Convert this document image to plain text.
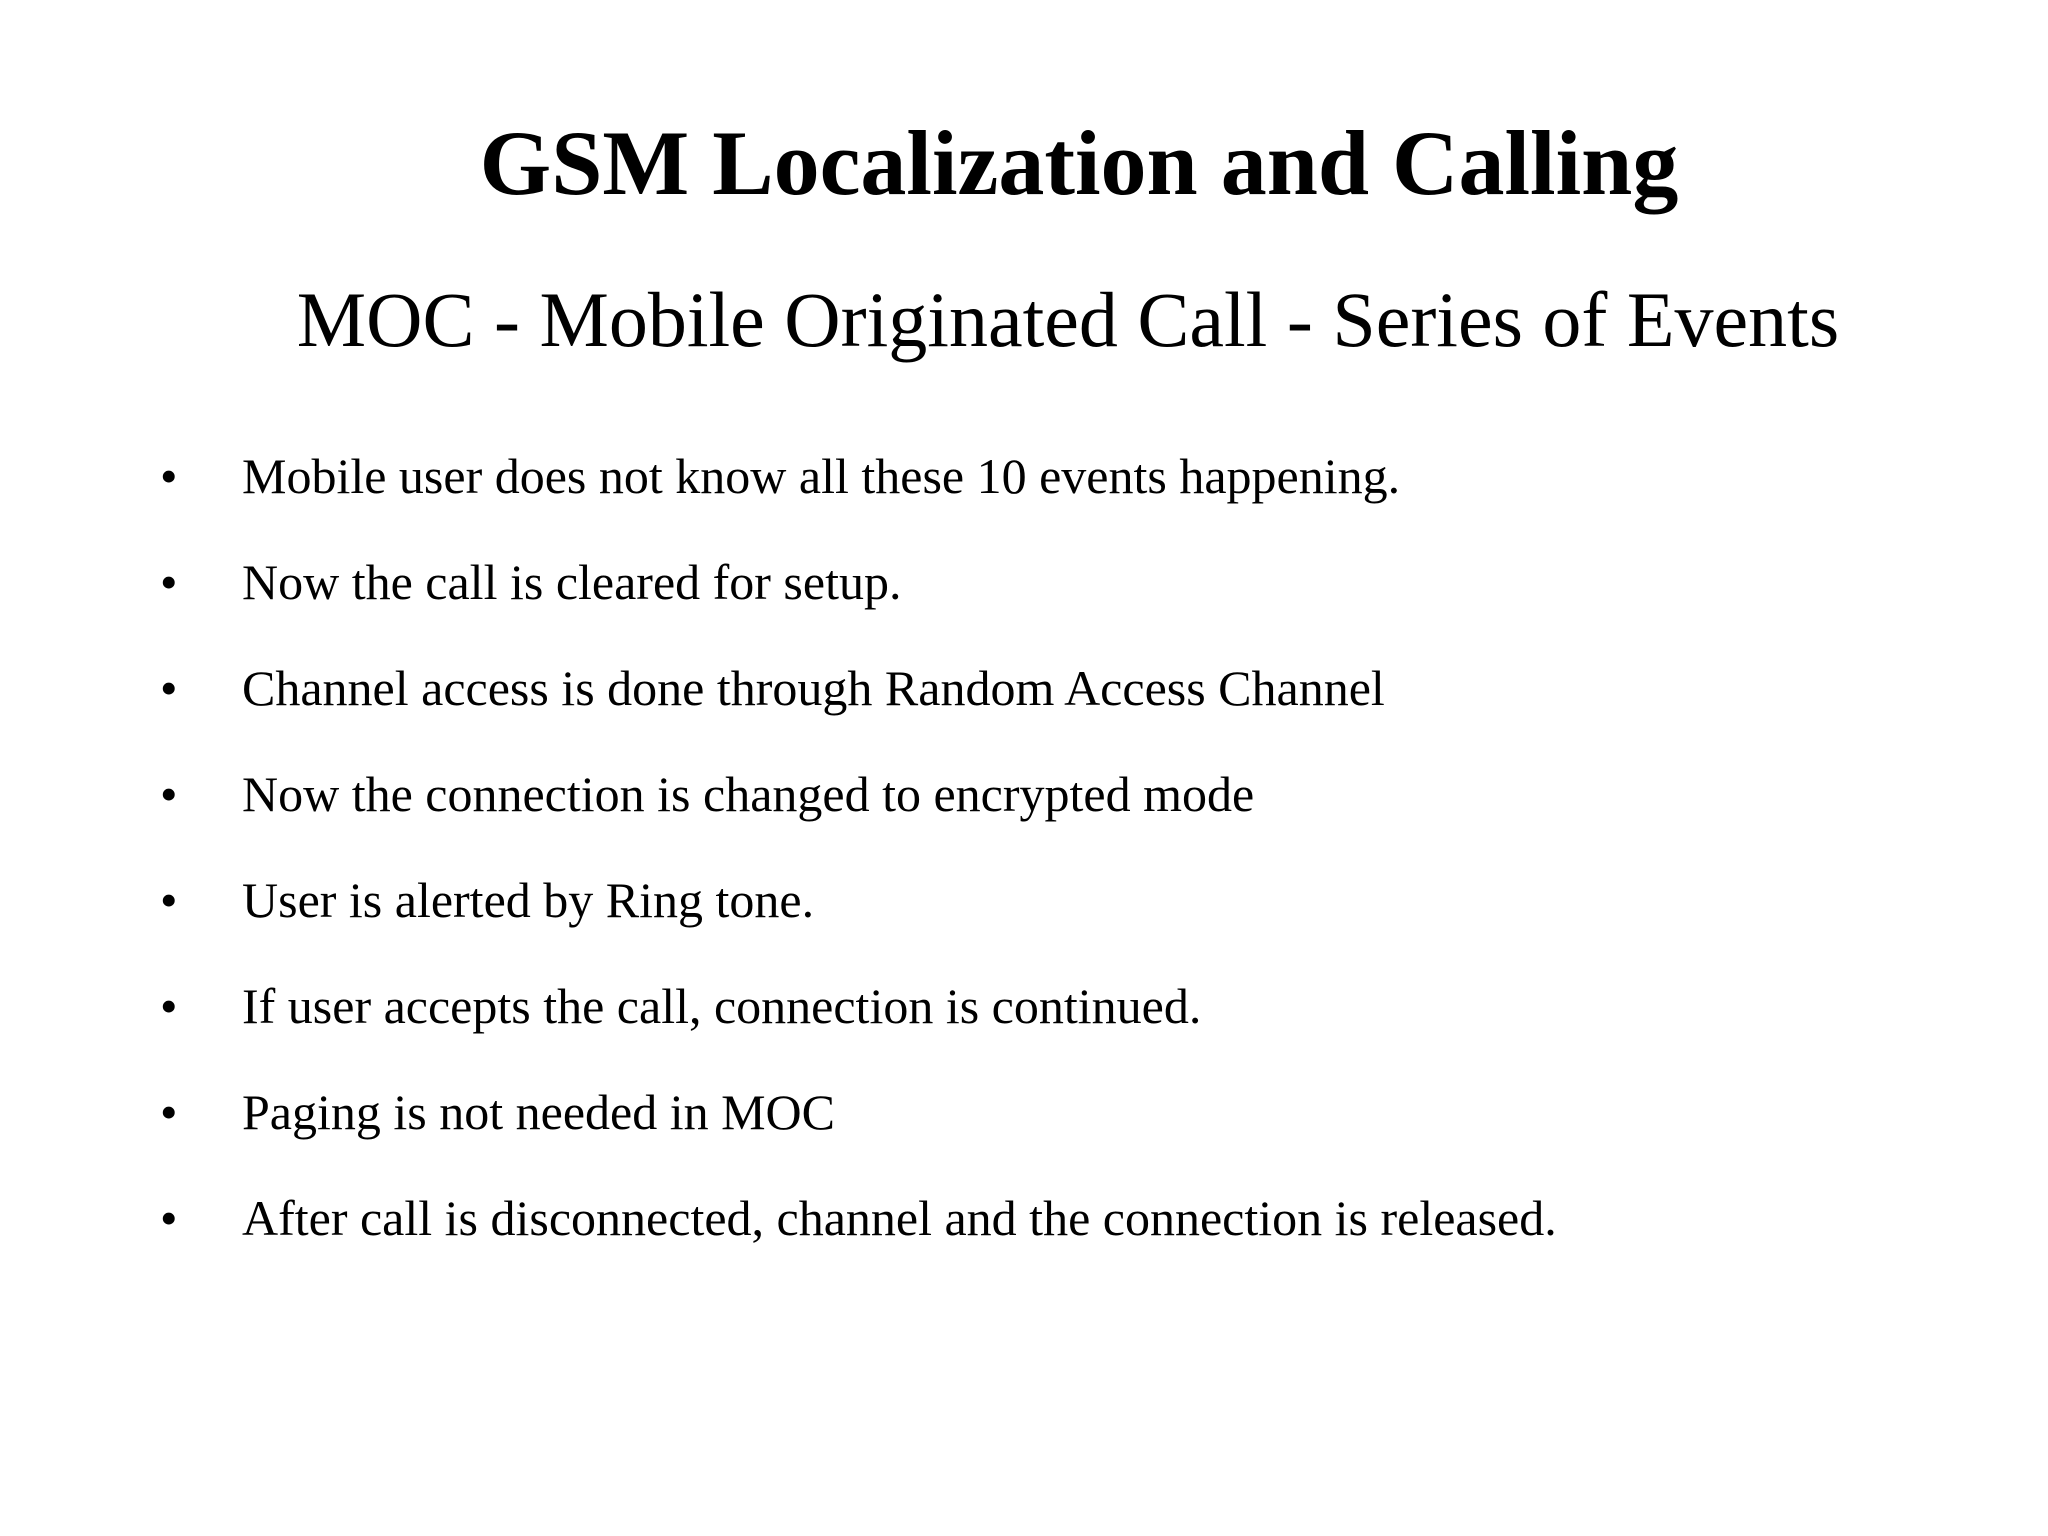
GSM Localization and Calling
MOC - Mobile Originated Call - Series of Events
• Mobile user does not know all these 10 events happening.
• Now the call is cleared for setup.
• Channel access is done through Random Access Channel
• Now the connection is changed to encrypted mode
• User is alerted by Ring tone.
• If user accepts the call, connection is continued.
• Paging is not needed in MOC
• After call is disconnected, channel and the connection is released.
